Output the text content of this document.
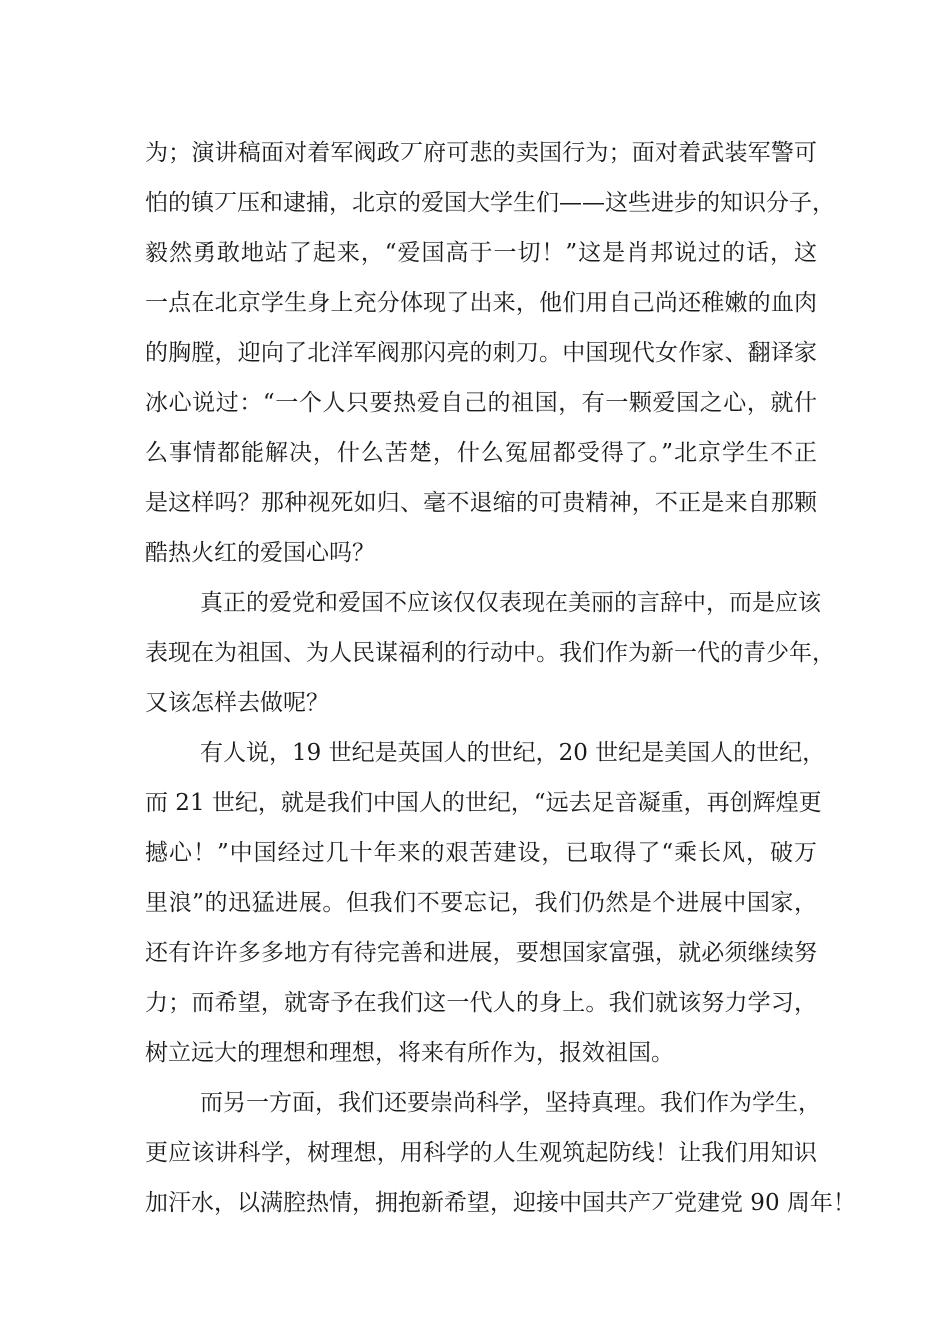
为；演讲稿面对着军阀政丆府可悲的卖国行为；面对着武装军警可
怕的镇丆压和逮捕，北京的爱国大学生们——这些进步的知识分子，
毅然勇敢地站了起来，“爱国高于一切！”这是肖邦说过的话，这
一点在北京学生身上充分体现了出来，他们用自己尚还稚嫩的血肉
的胸膛，迎向了北洋军阀那闪亮的刺刀。中国现代女作家、翻译家
冰心说过：“一个人只要热爱自己的祖国，有一颗爱国之心，就什
么事情都能解决，什么苦楚，什么冤屈都受得了。”北京学生不正
是这样吗？那种视死如归、毫不退缩的可贵精神，不正是来自那颗
酷热火红的爱国心吗？
真正的爱党和爱国不应该仅仅表现在美丽的言辞中，而是应该
表现在为祖国、为人民谋福利的行动中。我们作为新一代的青少年，
又该怎样去做呢？
有人说，19 世纪是英国人的世纪，20 世纪是美国人的世纪，
而 21 世纪，就是我们中国人的世纪，“远去足音凝重，再创辉煌更
撼心！”中国经过几十年来的艰苦建设，已取得了“乘长风，破万
里浪”的迅猛进展。但我们不要忘记，我们仍然是个进展中国家，
还有许许多多地方有待完善和进展，要想国家富强，就必须继续努
力；而希望，就寄予在我们这一代人的身上。我们就该努力学习，
树立远大的理想和理想，将来有所作为，报效祖国。
而另一方面，我们还要崇尚科学，坚持真理。我们作为学生，
更应该讲科学，树理想，用科学的人生观筑起防线！让我们用知识
加汗水，以满腔热情，拥抱新希望，迎接中国共产丆党建党 90 周年！
